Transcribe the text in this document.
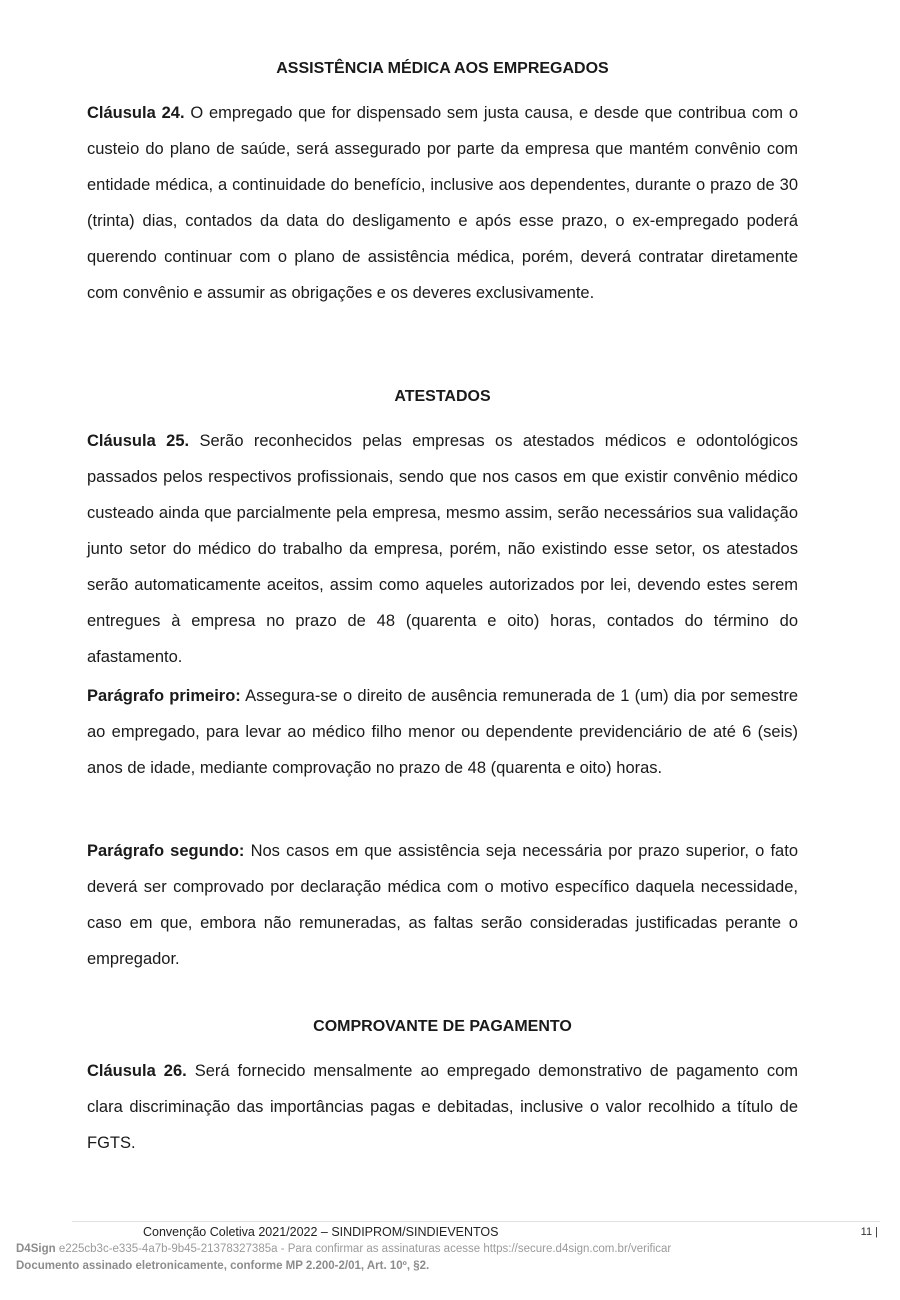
ASSISTÊNCIA MÉDICA AOS EMPREGADOS

Cláusula 24. O empregado que for dispensado sem justa causa, e desde que contribua com o custeio do plano de saúde, será assegurado por parte da empresa que mantém convênio com entidade médica, a continuidade do benefício, inclusive aos dependentes, durante o prazo de 30 (trinta) dias, contados da data do desligamento e após esse prazo, o ex-empregado poderá querendo continuar com o plano de assistência médica, porém, deverá contratar diretamente com convênio e assumir as obrigações e os deveres exclusivamente.

ATESTADOS

Cláusula 25. Serão reconhecidos pelas empresas os atestados médicos e odontológicos passados pelos respectivos profissionais, sendo que nos casos em que existir convênio médico custeado ainda que parcialmente pela empresa, mesmo assim, serão necessários sua validação junto setor do médico do trabalho da empresa, porém, não existindo esse setor, os atestados serão automaticamente aceitos, assim como aqueles autorizados por lei, devendo estes serem entregues à empresa no prazo de 48 (quarenta e oito) horas, contados do término do afastamento.

Parágrafo primeiro: Assegura-se o direito de ausência remunerada de 1 (um) dia por semestre ao empregado, para levar ao médico filho menor ou dependente previdenciário de até 6 (seis) anos de idade, mediante comprovação no prazo de 48 (quarenta e oito) horas.

Parágrafo segundo: Nos casos em que assistência seja necessária por prazo superior, o fato deverá ser comprovado por declaração médica com o motivo específico daquela necessidade, caso em que, embora não remuneradas, as faltas serão consideradas justificadas perante o empregador.

COMPROVANTE DE PAGAMENTO

Cláusula 26. Será fornecido mensalmente ao empregado demonstrativo de pagamento com clara discriminação das importâncias pagas e debitadas, inclusive o valor recolhido a título de FGTS.

Convenção Coletiva 2021/2022 – SINDIPROM/SINDIEVENTOS	11 |
D4Sign e225cb3c-e335-4a7b-9b45-21378327385a - Para confirmar as assinaturas acesse https://secure.d4sign.com.br/verificar
Documento assinado eletronicamente, conforme MP 2.200-2/01, Art. 10º, §2.
